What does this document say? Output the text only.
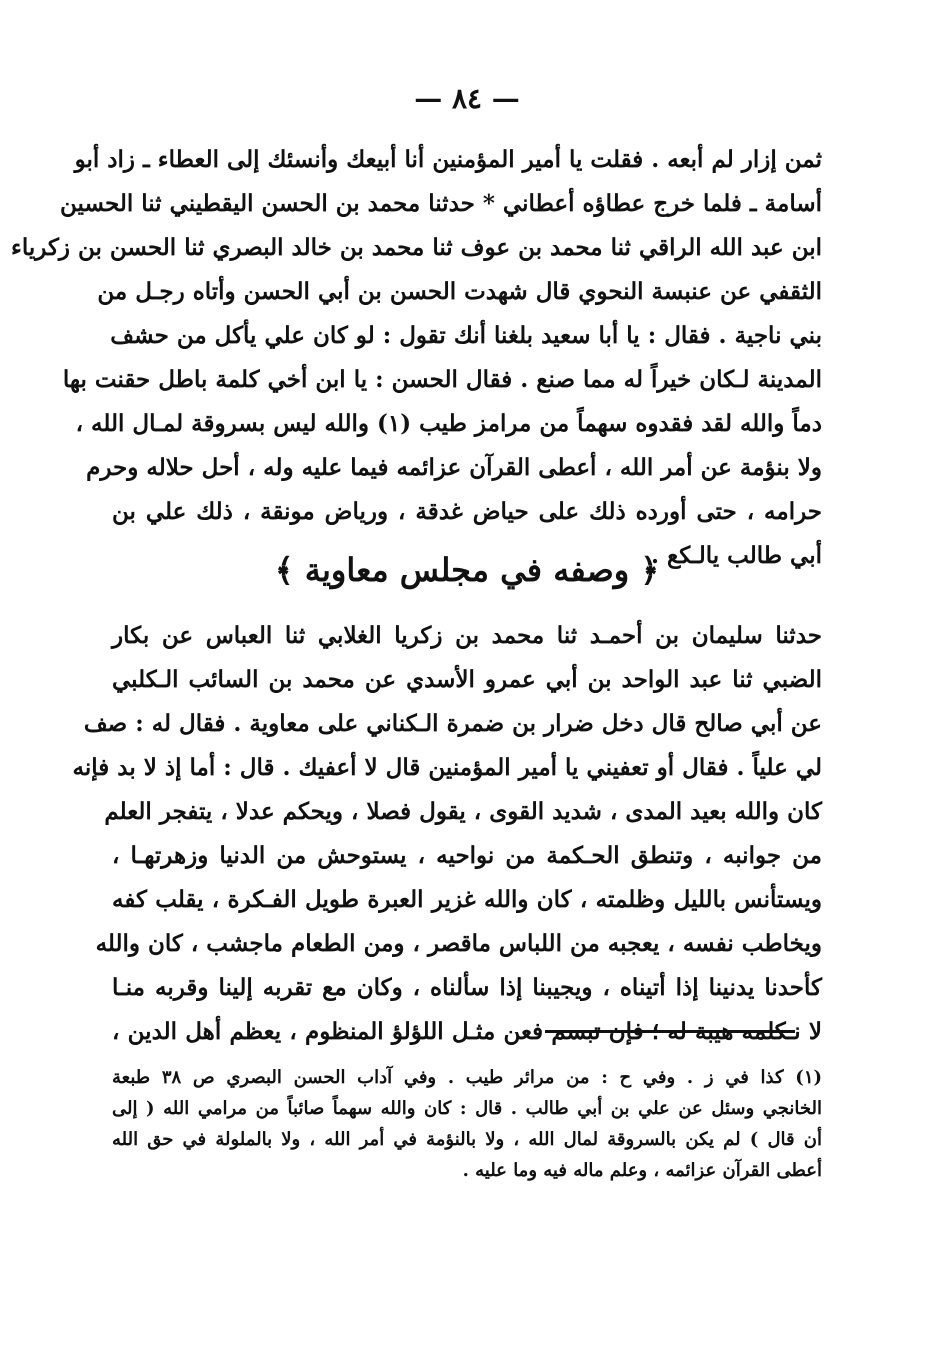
— ٨٤ —
ثمن إزار لم أبعه . فقلت يا أمير المؤمنين أنا أبيعك وأنسئك إلى العطاء ـ زاد أبو
أسامة ـ فلما خرج عطاؤه أعطاني * حدثنا محمد بن الحسن اليقطيني ثنا الحسين
ابن عبد الله الراقي ثنا محمد بن عوف ثنا محمد بن خالد البصري ثنا الحسن بن زكرياء
الثقفي عن عنبسة النحوي قال شهدت الحسن بن أبي الحسن وأتاه رجـل من
بني ناجية . فقال : يا أبا سعيد بلغنا أنك تقول : لو كان علي يأكل من حشف
المدينة لـكان خيراً له مما صنع . فقال الحسن : يا ابن أخي كلمة باطل حقنت بها
دماً والله لقد فقدوه سهماً من مرامز طيب (١) والله ليس بسروقة لمـال الله ،
ولا بنؤمة عن أمر الله ، أعطى القرآن عزائمه فيما عليه وله ، أحل حلاله وحرم
حرامه ، حتى أورده ذلك على حياض غدقة ، ورياض مونقة ، ذلك علي بن
أبي طالب يالـكع .
﴿ وصفه في مجلس معاوية ﴾
حدثنا سليمان بن أحمـد ثنا محمد بن زكريا الغلابي ثنا العباس عن بكار
الضبي ثنا عبد الواحد بن أبي عمرو الأسدي عن محمد بن السائب الـكلبي
عن أبي صالح قال دخل ضرار بن ضمرة الـكناني على معاوية . فقال له : صف
لي علياً . فقال أو تعفيني يا أمير المؤمنين قال لا أعفيك . قال : أما إذ لا بد فإنه
كان والله بعيد المدى ، شديد القوى ، يقول فصلا ، ويحكم عدلا ، يتفجر العلم
من جوانبه ، وتنطق الحـكمة من نواحيه ، يستوحش من الدنيا وزهرتهـا ،
ويستأنس بالليل وظلمته ، كان والله غزير العبرة طويل الفـكرة ، يقلب كفه
ويخاطب نفسه ، يعجبه من اللباس ماقصر ، ومن الطعام ماجشب ، كان والله
كأحدنا يدنينا إذا أتيناه ، ويجيبنا إذا سألناه ، وكان مع تقربه إلينا وقربه منـا
لا نـكلمه هيبة له ؛ فإن تبسم فعن مثـل اللؤلؤ المنظوم ، يعظم أهل الدين ،
(١) كذا في ز . وفي ح : من مرائر طيب . وفي آداب الحسن البصري ص ٣٨ طبعة
الخانجي وسئل عن علي بن أبي طالب . قال : كان والله سهماً صائباً من مرامي الله ( إلى
أن قال ) لم يكن بالسروقة لمال الله ، ولا بالنؤمة في أمر الله ، ولا بالملولة في حق الله
أعطى القرآن عزائمه ، وعلم ماله فيه وما عليه .
